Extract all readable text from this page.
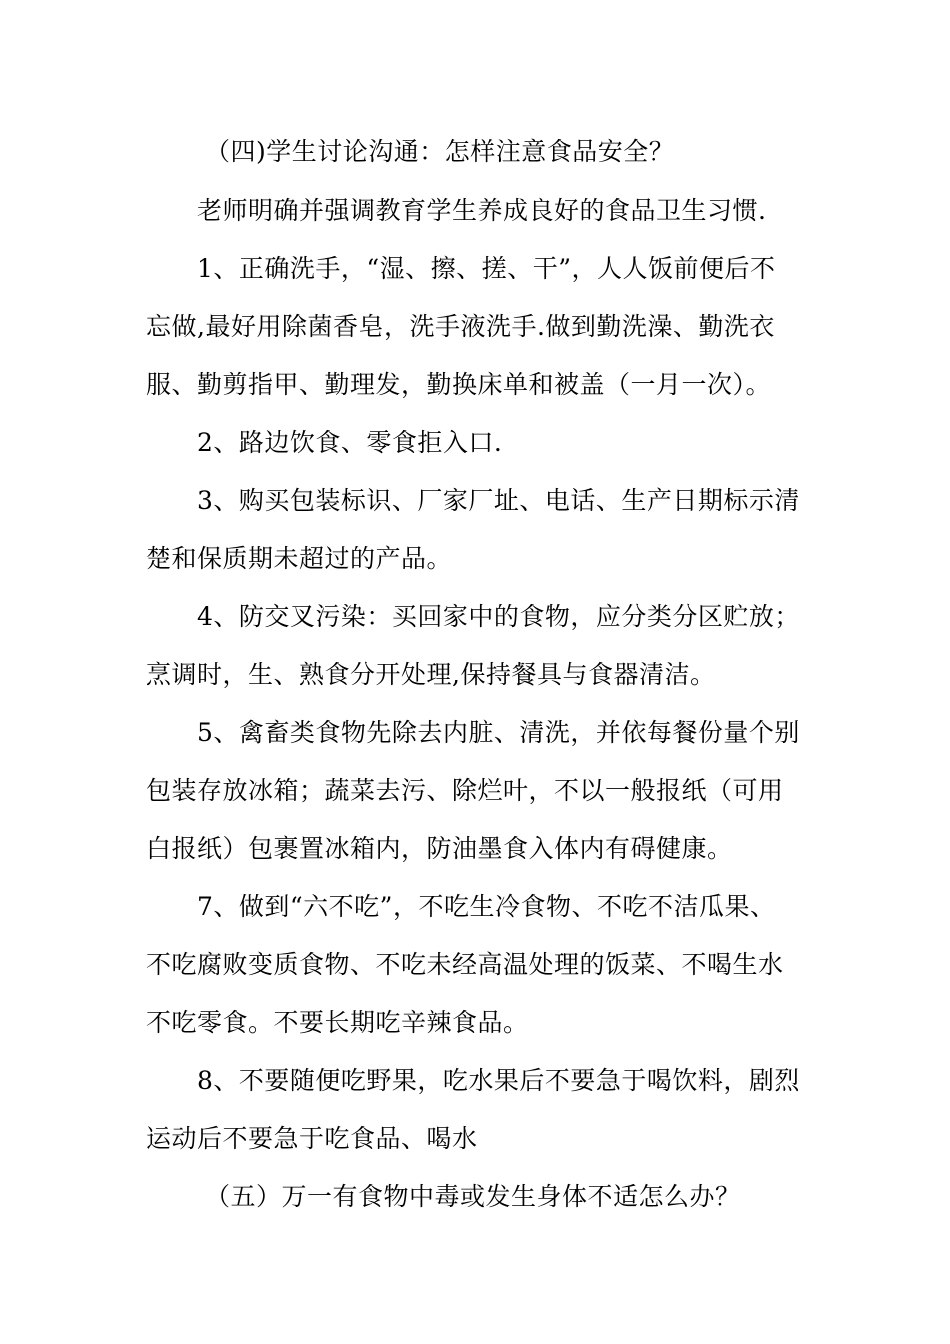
（四)学生讨论沟通：怎样注意食品安全？
老师明确并强调教育学生养成良好的食品卫生习惯.
1、正确洗手，“湿、擦、搓、干”，人人饭前便后不
忘做,最好用除菌香皂，洗手液洗手.做到勤洗澡、勤洗衣
服、勤剪指甲、勤理发，勤换床单和被盖（一月一次）。
2、路边饮食、零食拒入口.
3、购买包装标识、厂家厂址、电话、生产日期标示清
楚和保质期未超过的产品。
4、防交叉污染：买回家中的食物，应分类分区贮放；
烹调时，生、熟食分开处理,保持餐具与食器清洁。
5、禽畜类食物先除去内脏、清洗，并依每餐份量个别
包装存放冰箱；蔬菜去污、除烂叶，不以一般报纸（可用
白报纸）包裹置冰箱内，防油墨食入体内有碍健康。
7、做到“六不吃”，不吃生冷食物、不吃不洁瓜果、
不吃腐败变质食物、不吃未经高温处理的饭菜、不喝生水
不吃零食。不要长期吃辛辣食品。
8、不要随便吃野果，吃水果后不要急于喝饮料，剧烈
运动后不要急于吃食品、喝水
（五）万一有食物中毒或发生身体不适怎么办？
